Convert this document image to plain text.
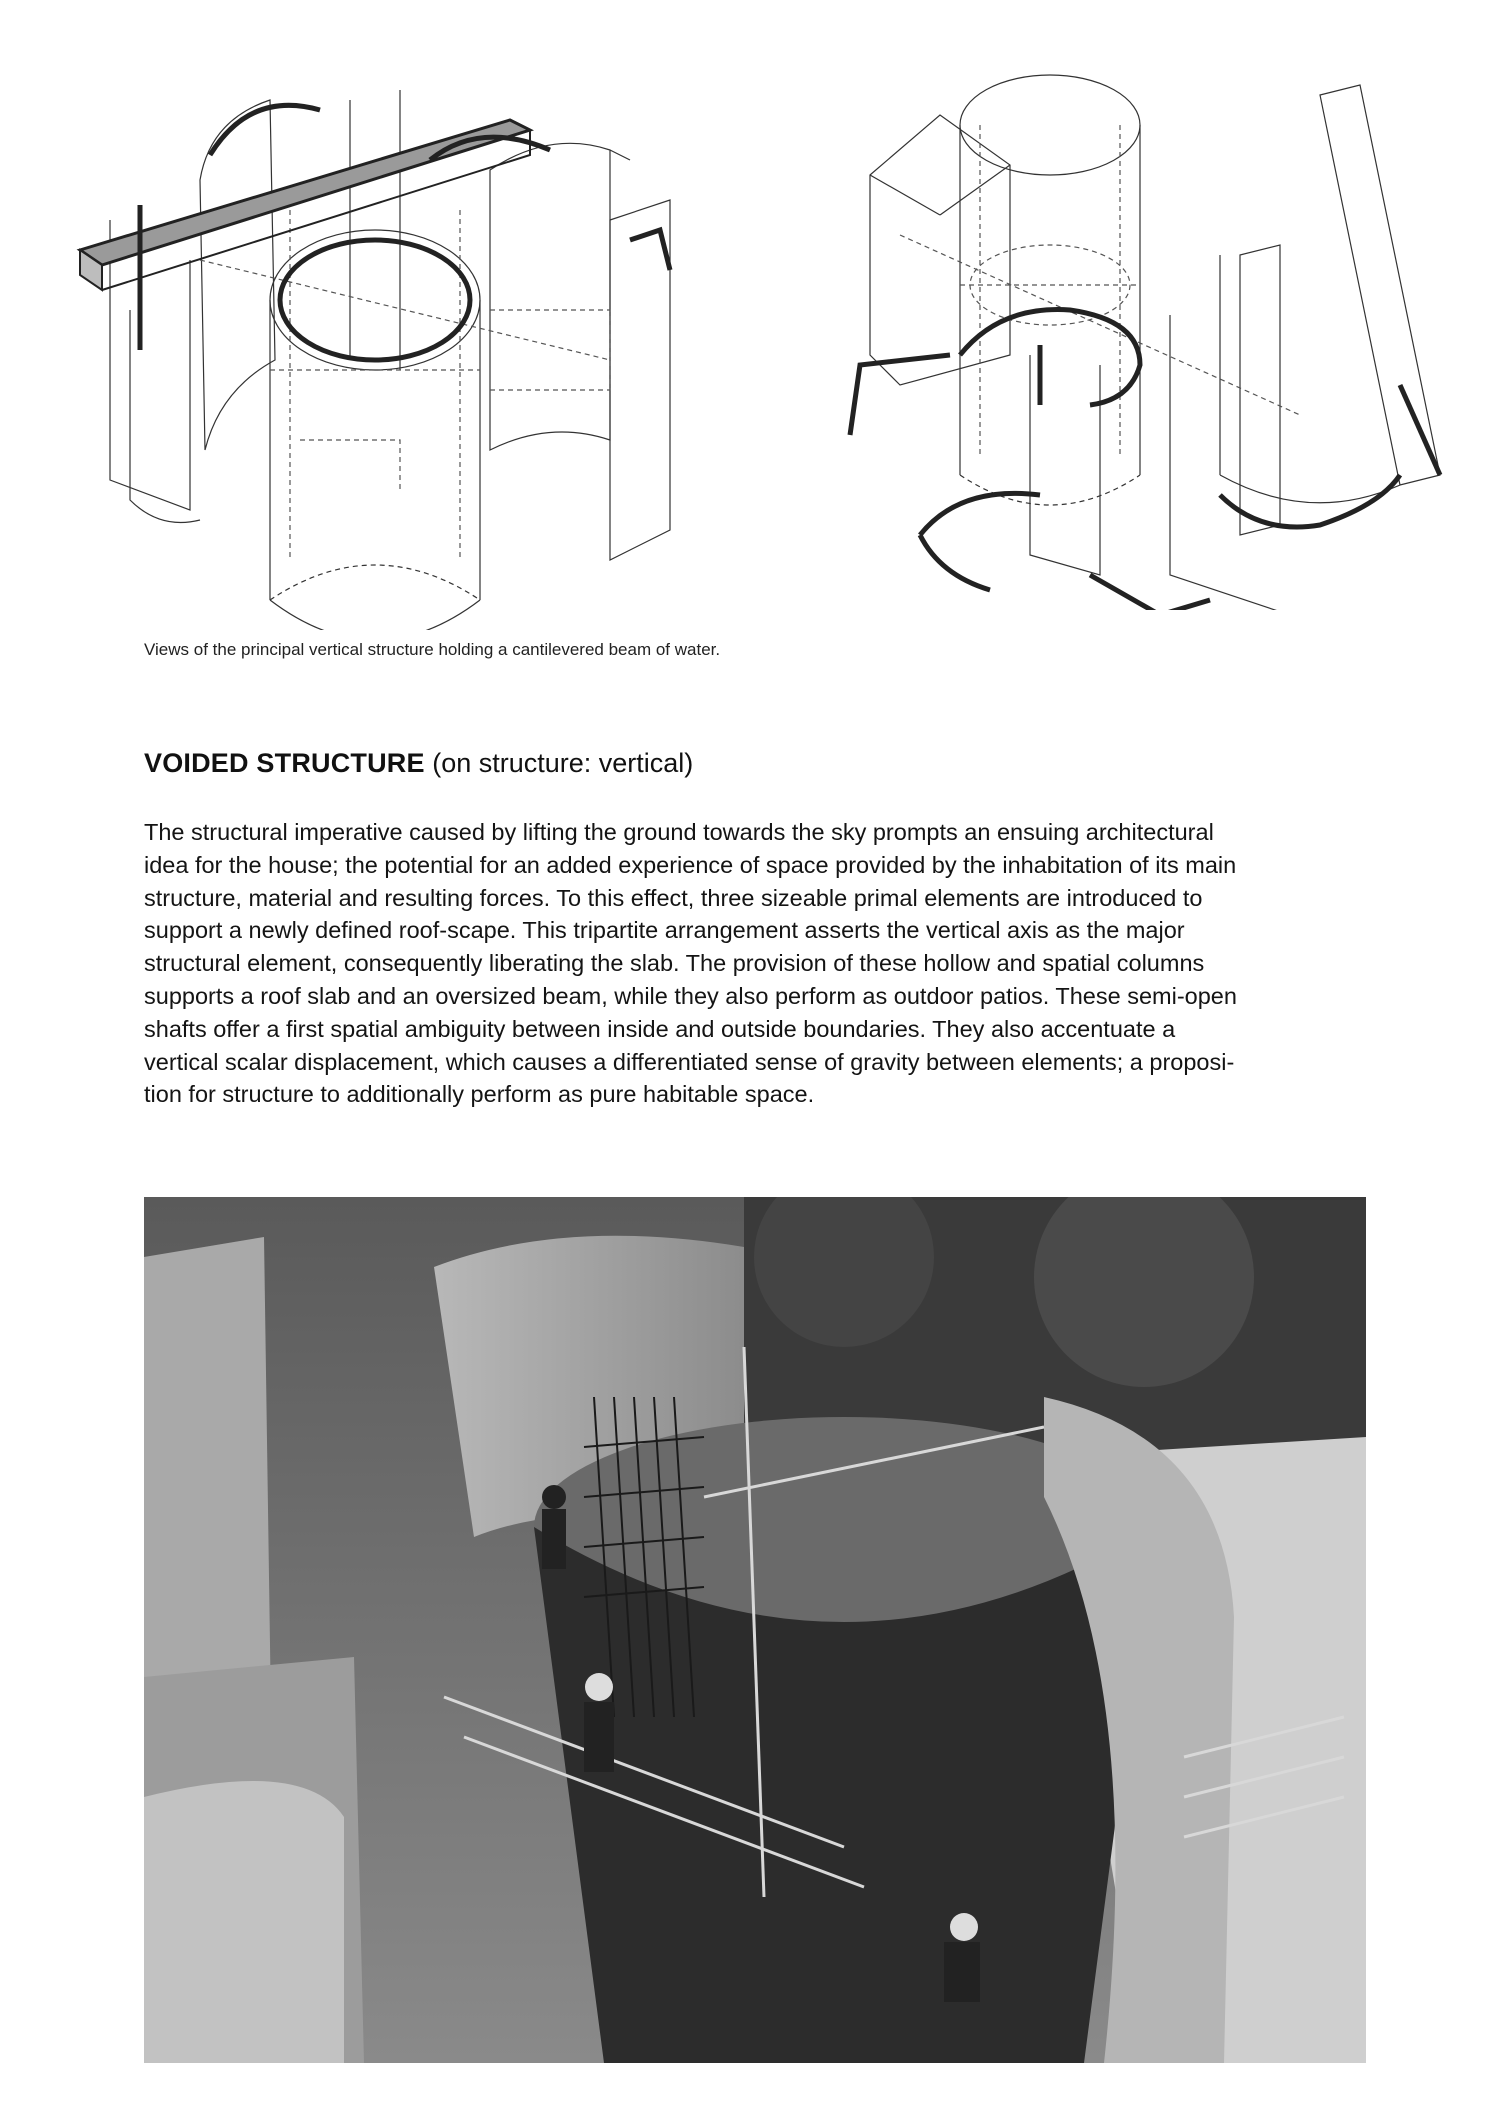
Views of the principal vertical structure holding a cantilevered beam of water.
VOIDED STRUCTURE (on structure: vertical)

The structural imperative caused by lifting the ground towards the sky prompts an ensuing architectural

idea for the house; the potential for an added experience of space provided by the inhabitation of its main

structure, material and resulting forces. To this effect, three sizeable primal elements are introduced to

support a newly defined roof-scape. This tripartite arrangement asserts the vertical axis as the major

structural element, consequently liberating the slab. The provision of these hollow and spatial columns

supports a roof slab and an oversized beam, while they also perform as outdoor patios. These semi-open

shafts offer a first spatial ambiguity between inside and outside boundaries. They also accentuate a

vertical scalar displacement, which causes a differentiated sense of gravity between elements; a proposi-

tion for structure to additionally perform as pure habitable space.
